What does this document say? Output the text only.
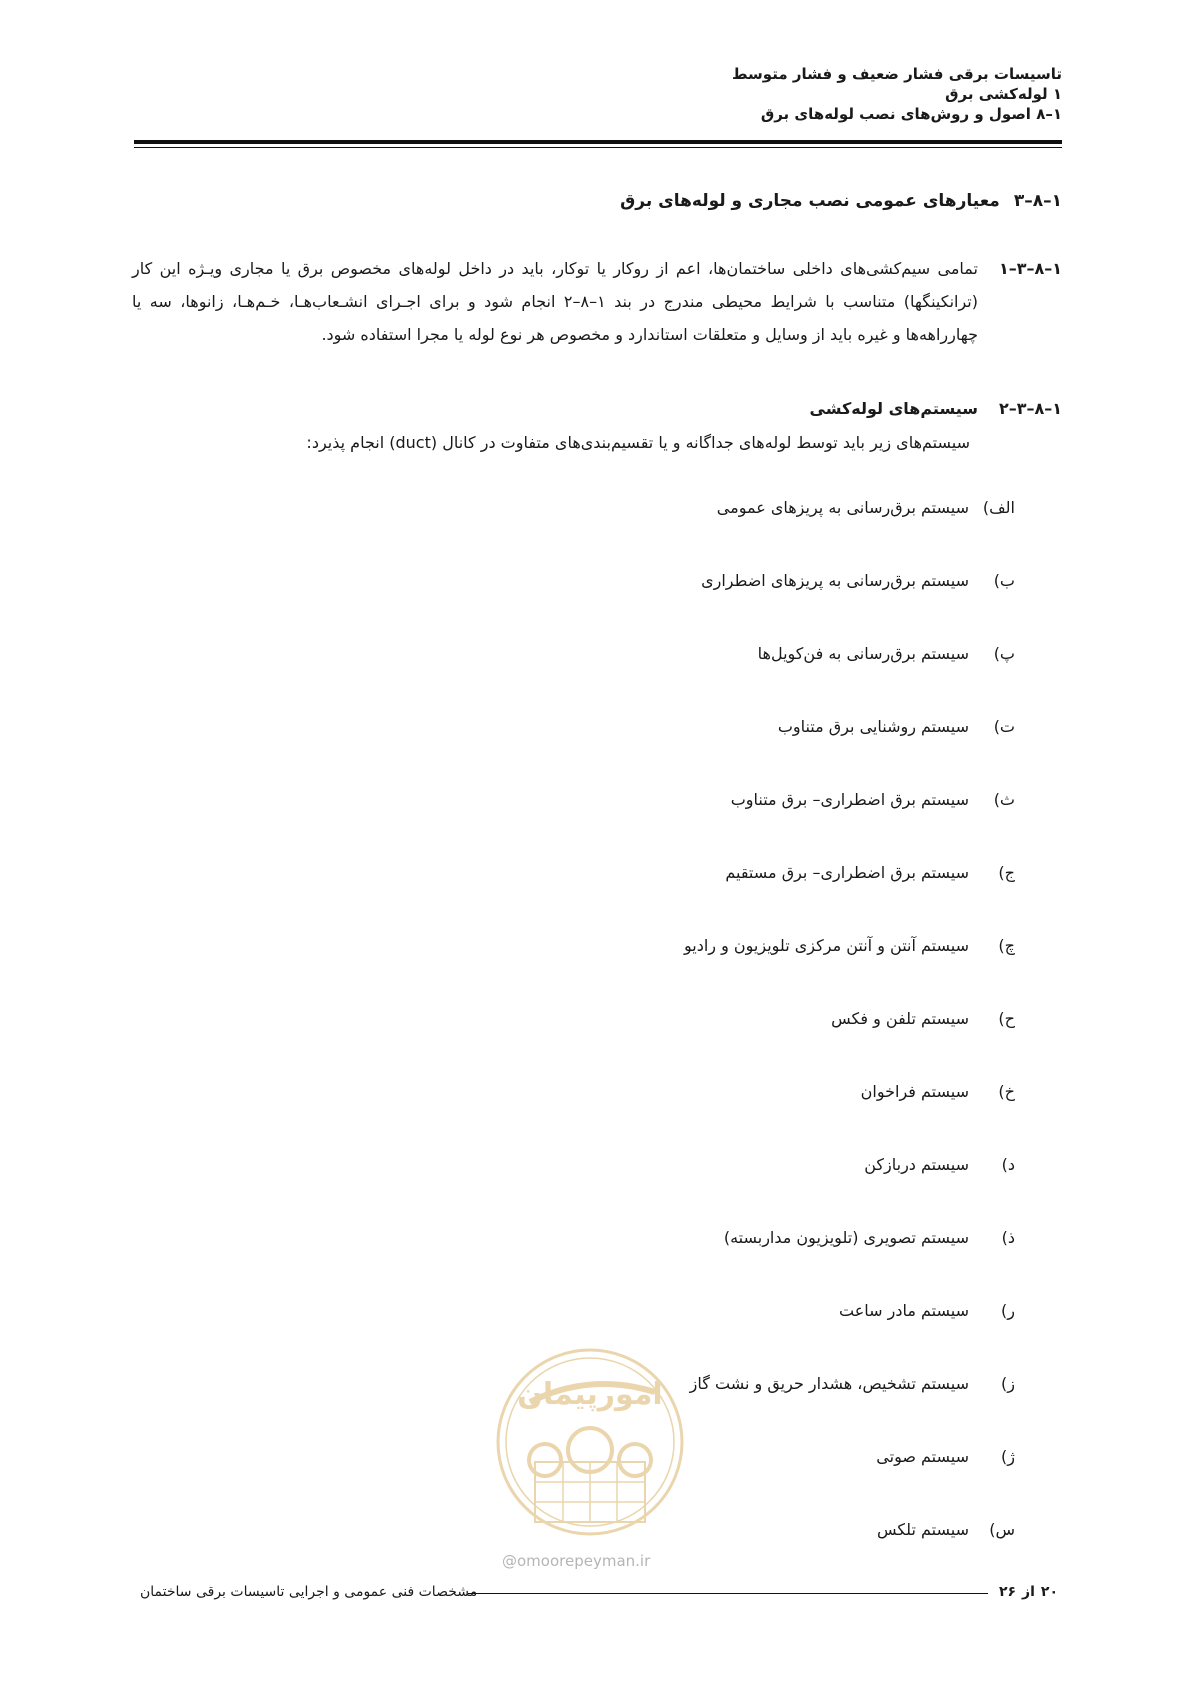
تاسیسات برقی فشار ضعیف و فشار متوسط
۱ لوله‌کشی برق
۱–۸ اصول و روش‌های نصب لوله‌های برق
۱–۸–۳
معیارهای عمومی نصب مجاری و لوله‌های برق
۱–۸–۳–۱
تمامی سیم‌کشی‌های داخلی ساختمان‌ها، اعم از روکار یا توکار، باید در داخل لوله‌های مخصوص برق یا مجاری ویـژه این کار (ترانکینگها) متناسب با شرایط محیطی مندرج در بند ۱–۸–۲ انجام شود و برای اجـرای انشـعاب‌هـا، خـم‌هـا، زانوها، سه یا چهارراهه‌ها و غیره باید از وسایل و متعلقات استاندارد و مخصوص هر نوع لوله یا مجرا استفاده شود.
۱–۸–۳–۲
سیستم‌های لوله‌کشی
سیستم‌های زیر باید توسط لوله‌های جداگانه و یا تقسیم‌بندی‌های متفاوت در کانال (duct) انجام پذیرد:
الف)
سیستم برق‌رسانی به پریزهای عمومی
ب)
سیستم برق‌رسانی به پریزهای اضطراری
پ)
سیستم برق‌رسانی به فن‌کویل‌ها
ت)
سیستم روشنایی برق متناوب
ث)
سیستم برق اضطراری– برق متناوب
ج)
سیستم برق اضطراری– برق مستقیم
چ)
سیستم آنتن و آنتن مرکزی تلویزیون و رادیو
ح)
سیستم تلفن و فکس
خ)
سیستم فراخوان
د)
سیستم دربازکن
ذ)
سیستم تصویری (تلویزیون مداربسته)
ر)
سیستم مادر ساعت
ز)
سیستم تشخیص، هشدار حریق و نشت گاز
ژ)
سیستم صوتی
س)
سیستم تلکس
امورپیمان
@omoorepeyman.ir
مشخصات فنی عمومی و اجرایی تاسیسات برقی ساختمان	۲۰
از
۲۶
